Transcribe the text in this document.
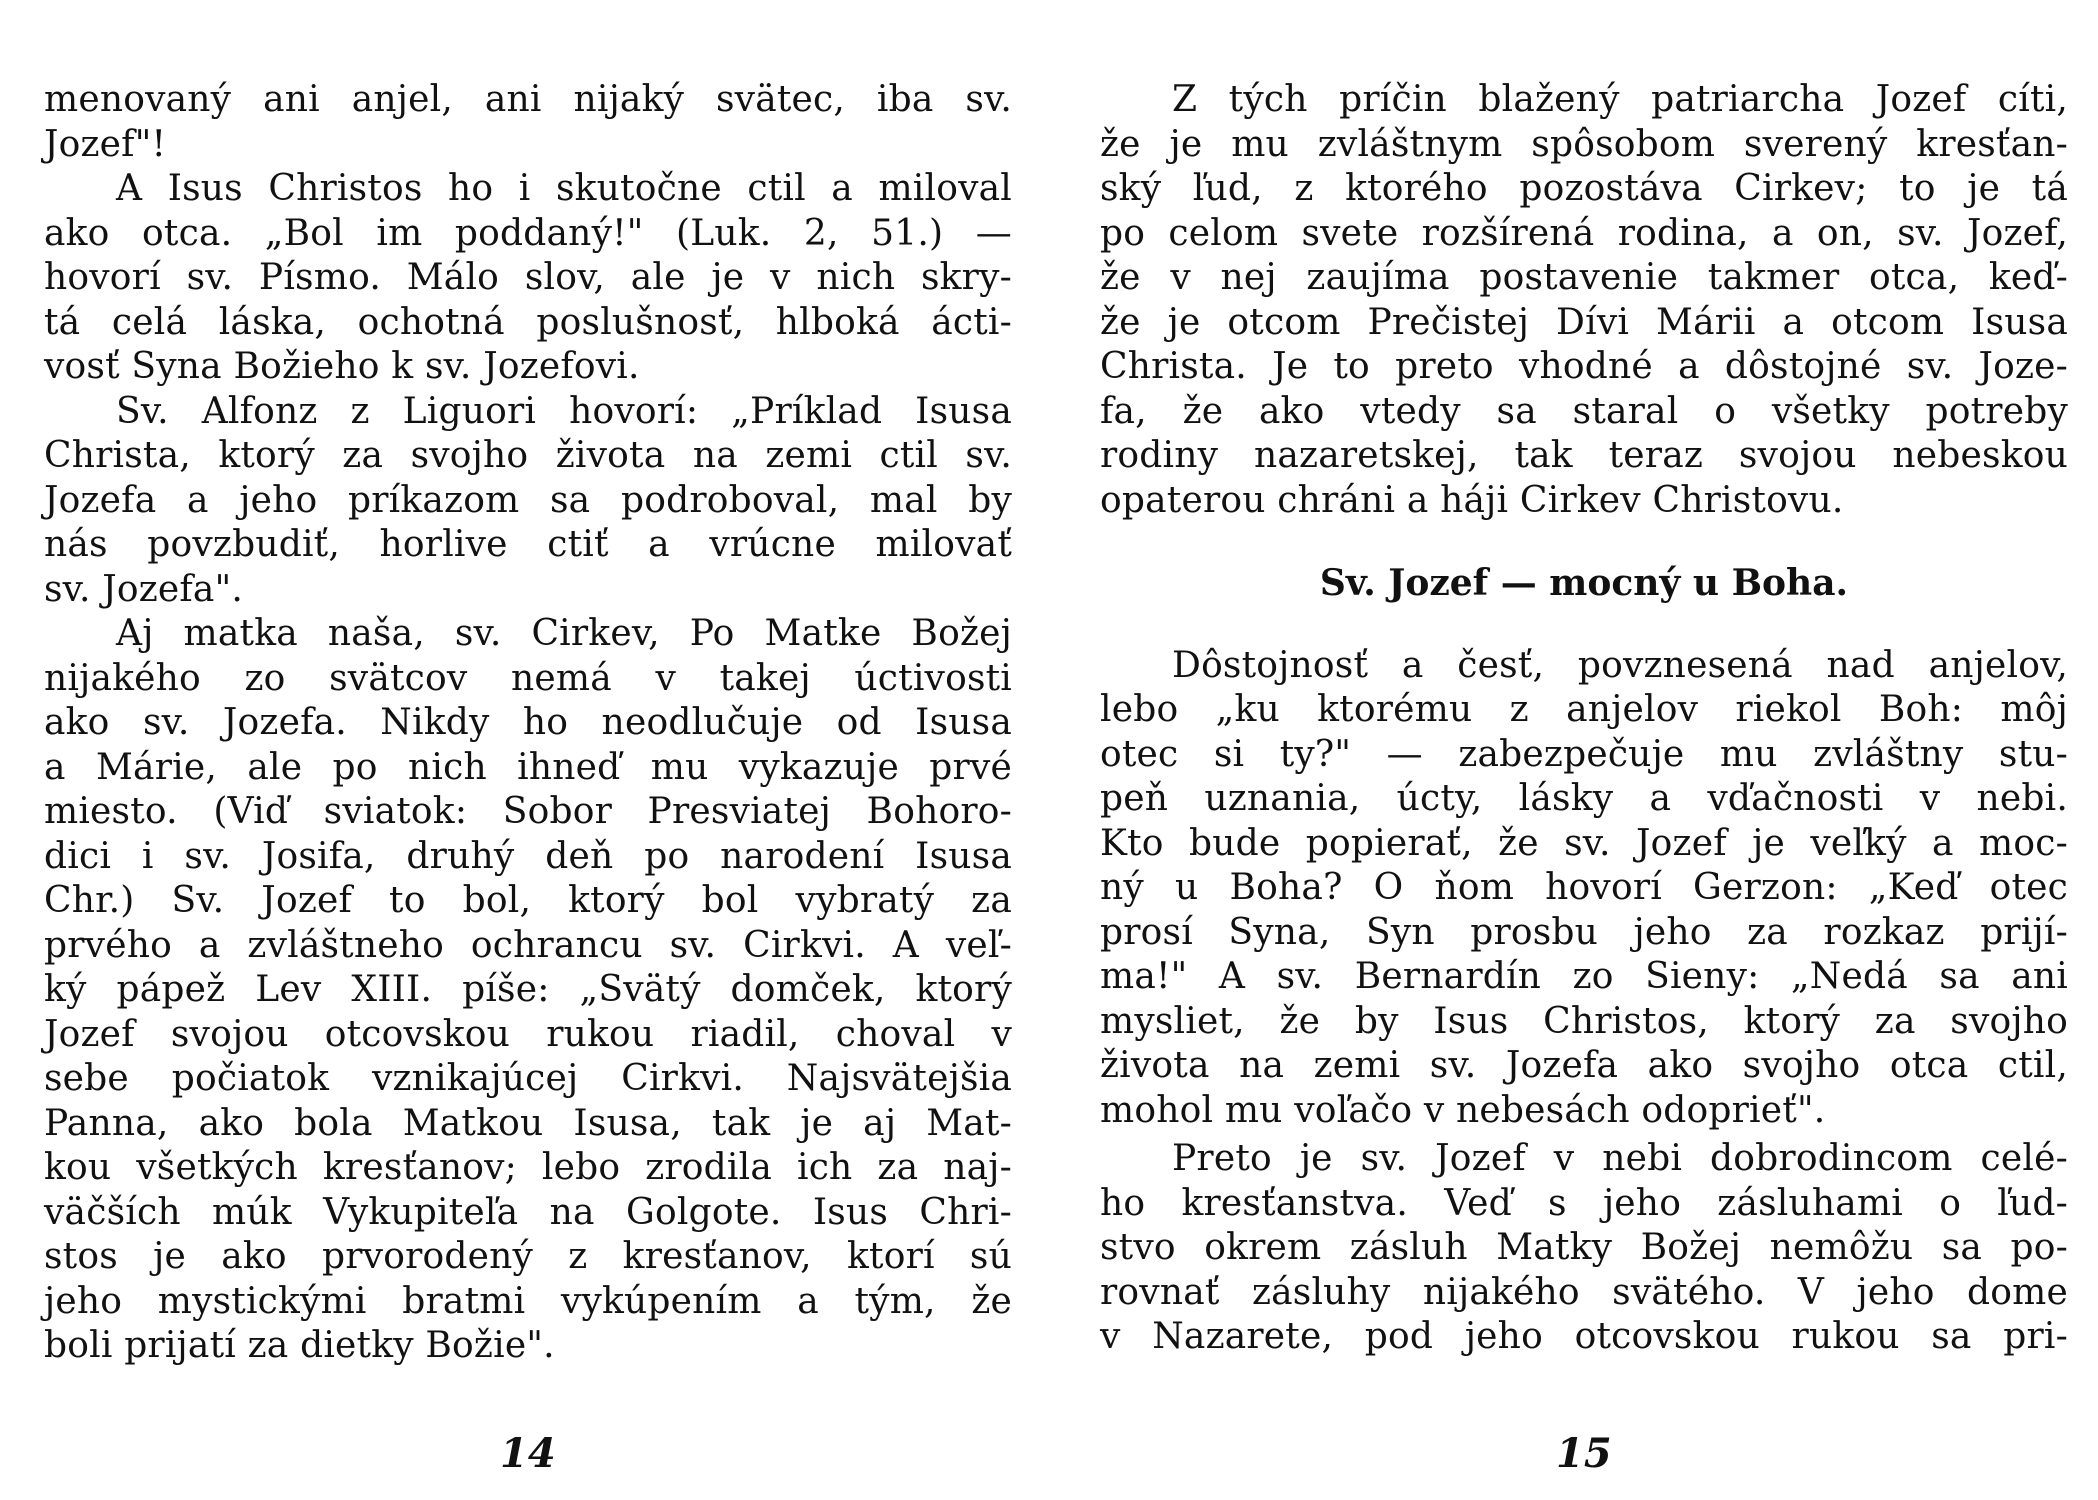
menovaný ani anjel, ani nijaký svätec, iba sv.
Jozef"!
A Isus Christos ho i skutočne ctil a miloval
ako otca. „Bol im poddaný!" (Luk. 2, 51.) —
hovorí sv. Písmo. Málo slov, ale je v nich skry-
tá celá láska, ochotná poslušnosť, hlboká ácti-
vosť Syna Božieho k sv. Jozefovi.
Sv. Alfonz z Liguori hovorí: „Príklad Isusa
Christa, ktorý za svojho života na zemi ctil sv.
Jozefa a jeho príkazom sa podroboval, mal by
nás povzbudiť, horlive ctiť a vrúcne milovať
sv. Jozefa".
Aj matka naša, sv. Cirkev, Po Matke Božej
nijakého zo svätcov nemá v takej úctivosti
ako sv. Jozefa. Nikdy ho neodlučuje od Isusa
a Márie, ale po nich ihneď mu vykazuje prvé
miesto. (Viď sviatok: Sobor Presviatej Bohoro-
dici i sv. Josifa, druhý deň po narodení Isusa
Chr.) Sv. Jozef to bol, ktorý bol vybratý za
prvého a zvláštneho ochrancu sv. Cirkvi. A veľ-
ký pápež Lev XIII. píše: „Svätý domček, ktorý
Jozef svojou otcovskou rukou riadil, choval v
sebe počiatok vznikajúcej Cirkvi. Najsvätejšia
Panna, ako bola Matkou Isusa, tak je aj Mat-
kou všetkých kresťanov; lebo zrodila ich za naj-
väčších múk Vykupiteľa na Golgote. Isus Chri-
stos je ako prvorodený z kresťanov, ktorí sú
jeho mystickými bratmi vykúpením a tým, že
boli prijatí za dietky Božie".
Z tých príčin blažený patriarcha Jozef cíti,
že je mu zvláštnym spôsobom sverený kresťan-
ský ľud, z ktorého pozostáva Cirkev; to je tá
po celom svete rozšírená rodina, a on, sv. Jozef,
že v nej zaujíma postavenie takmer otca, keď-
že je otcom Prečistej Dívi Márii a otcom Isusa
Christa. Je to preto vhodné a dôstojné sv. Joze-
fa, že ako vtedy sa staral o všetky potreby
rodiny nazaretskej, tak teraz svojou nebeskou
opaterou chráni a háji Cirkev Christovu.
Sv. Jozef — mocný u Boha.
Dôstojnosť a česť, povznesená nad anjelov,
lebo „ku ktorému z anjelov riekol Boh: môj
otec si ty?" — zabezpečuje mu zvláštny stu-
peň uznania, úcty, lásky a vďačnosti v nebi.
Kto bude popierať, že sv. Jozef je veľký a moc-
ný u Boha? O ňom hovorí Gerzon: „Keď otec
prosí Syna, Syn prosbu jeho za rozkaz prijí-
ma!" A sv. Bernardín zo Sieny: „Nedá sa ani
mysliet, že by Isus Christos, ktorý za svojho
života na zemi sv. Jozefa ako svojho otca ctil,
mohol mu voľačo v nebesách odoprieť".
Preto je sv. Jozef v nebi dobrodincom celé-
ho kresťanstva. Veď s jeho zásluhami o ľud-
stvo okrem zásluh Matky Božej nemôžu sa po-
rovnať zásluhy nijakého svätého. V jeho dome
v Nazarete, pod jeho otcovskou rukou sa pri-
14	15
